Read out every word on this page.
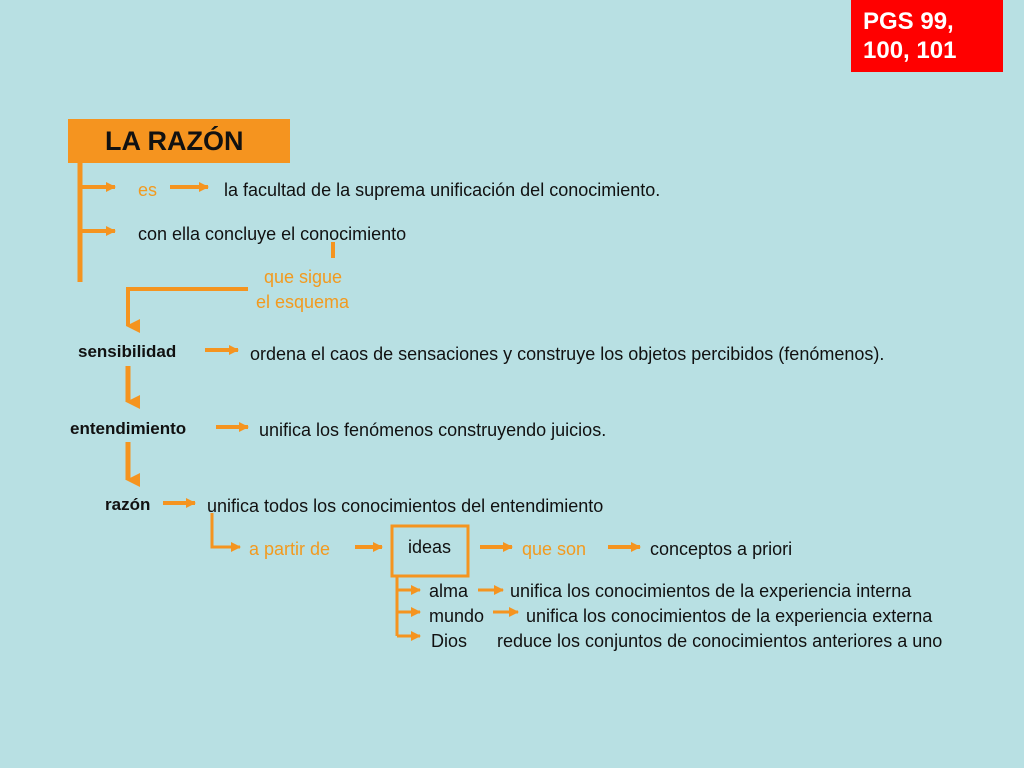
PGS 99, 100, 101
LA RAZÓN
es	la facultad de la suprema unificación del conocimiento.
con ella concluye el conocimiento
que sigue
el esquema
sensibilidad	ordena el caos de sensaciones y construye los objetos percibidos (fenómenos).
entendimiento	unifica los fenómenos construyendo juicios.
razón	unifica todos los conocimientos del entendimiento
a partir de	ideas	que son	conceptos a priori
alma unifica los conocimientos de la experiencia interna
mundo unifica los conocimientos de la experiencia externa
Dios reduce los conjuntos de conocimientos anteriores a uno
